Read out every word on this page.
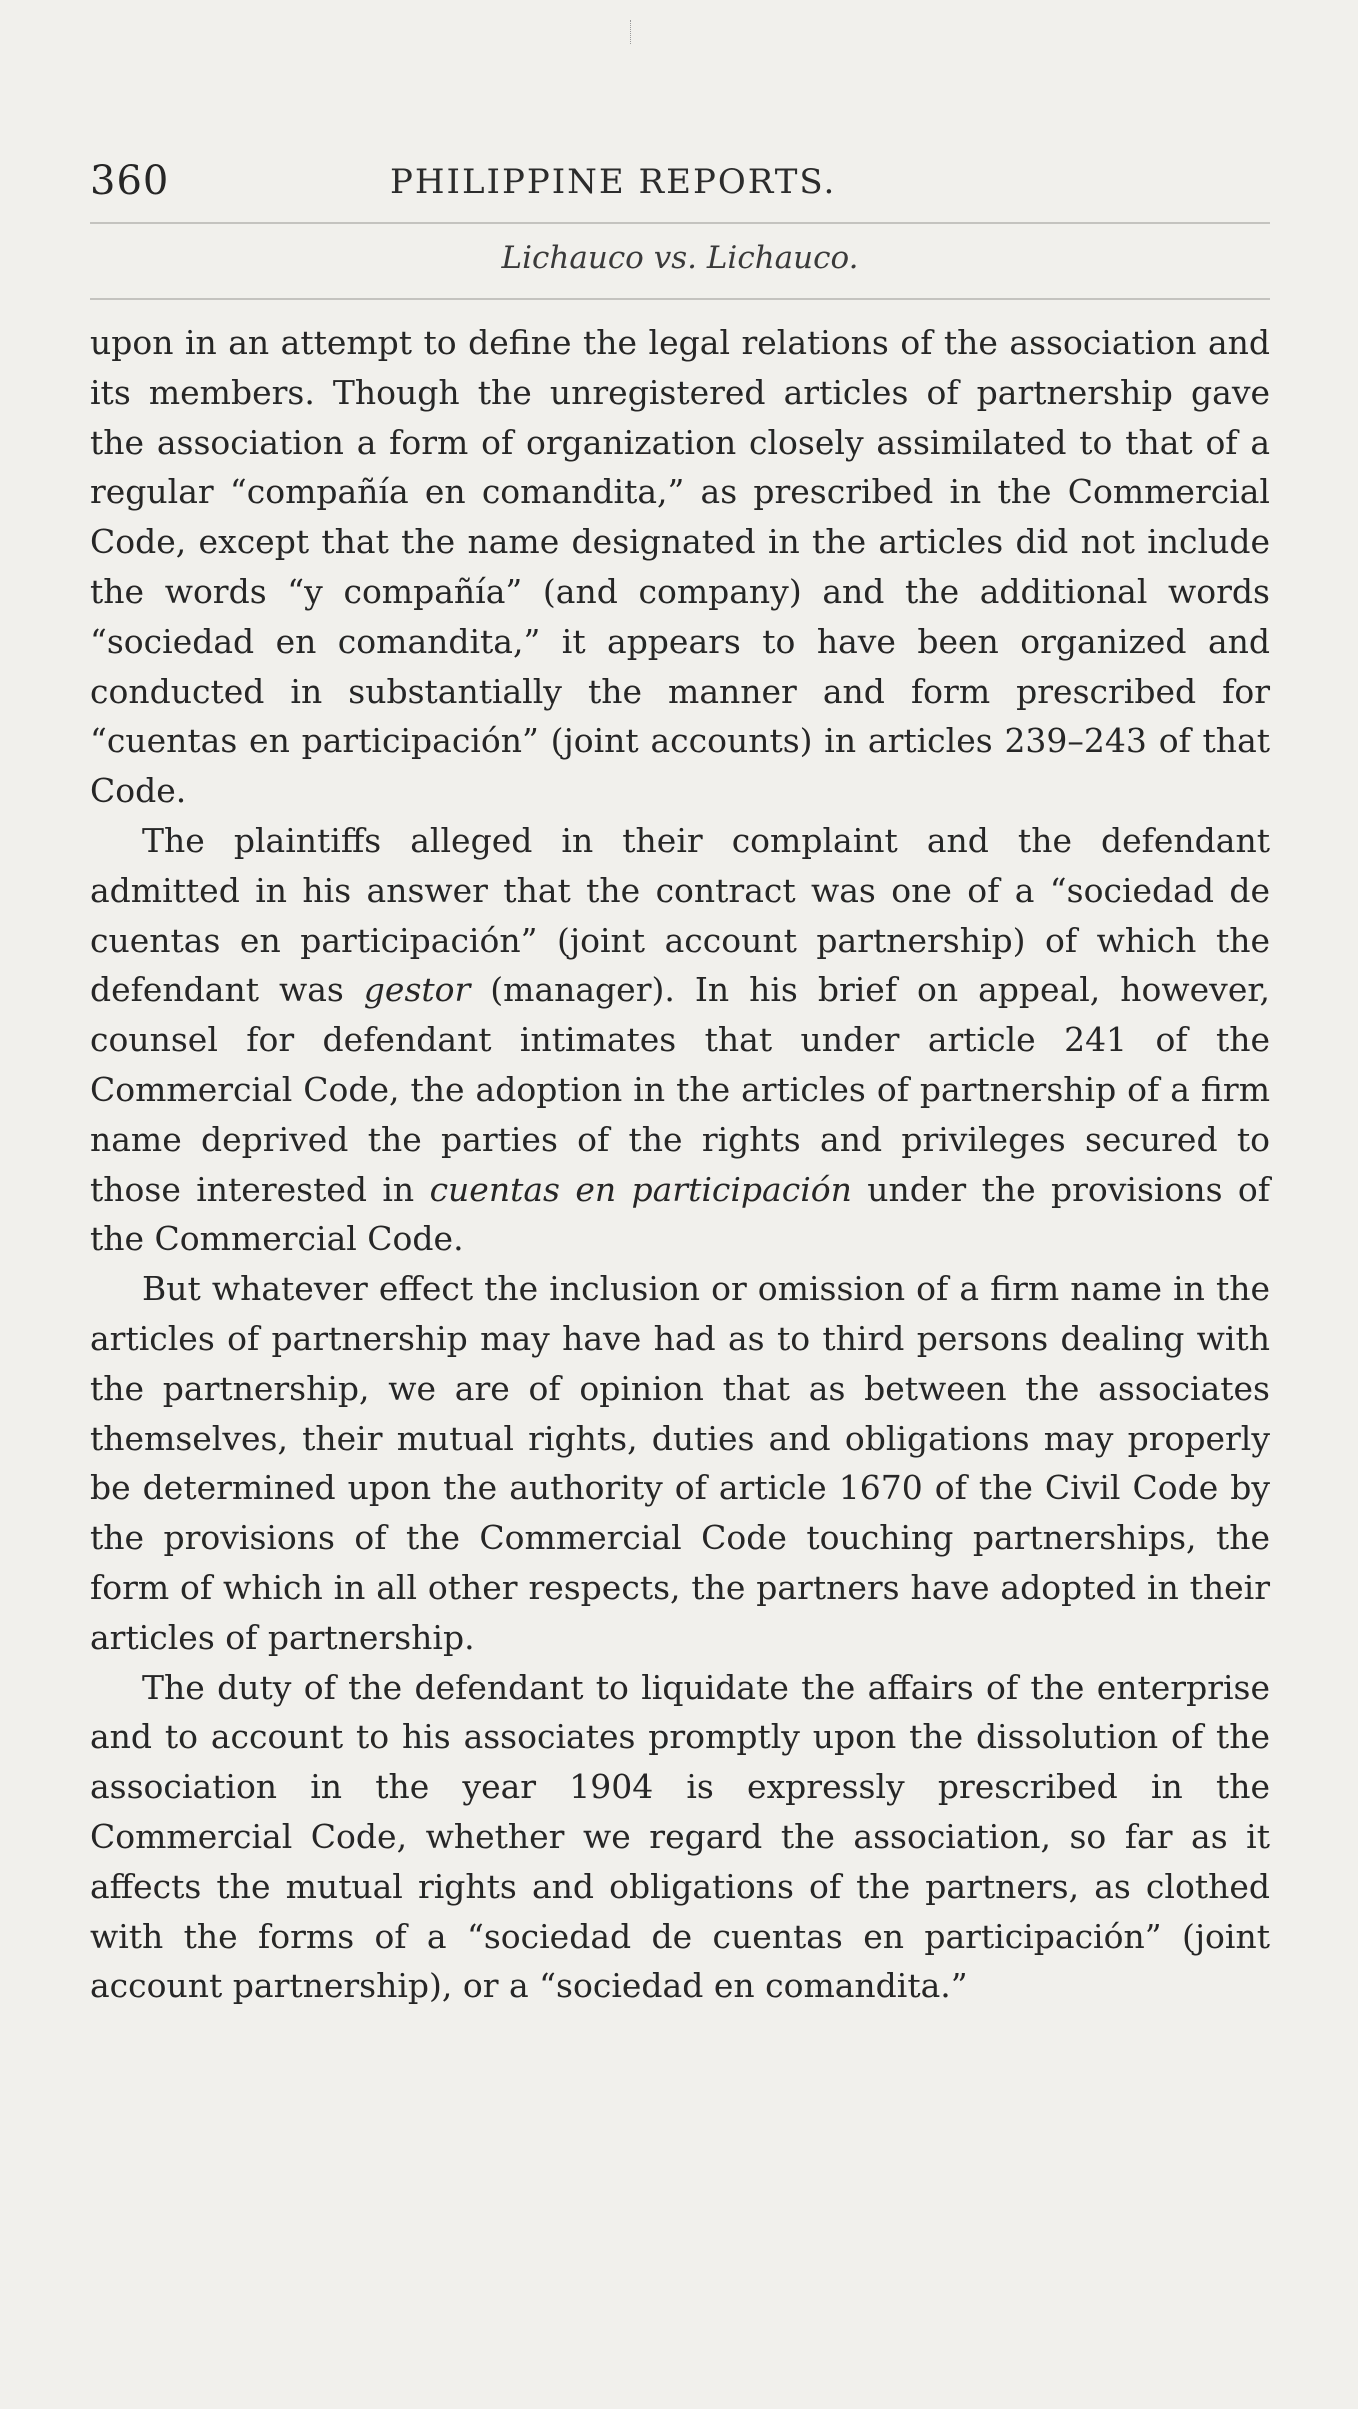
360	PHILIPPINE REPORTS.
Lichauco vs. Lichauco.

upon in an attempt to define the legal relations of the association and its members. Though the unregistered articles of partnership gave the association a form of organization closely assimilated to that of a regular “compañía en comandita,” as prescribed in the Commercial Code, except that the name designated in the articles did not include the words “y compañía” (and company) and the additional words “sociedad en comandita,” it appears to have been organized and conducted in substantially the manner and form prescribed for “cuentas en participación” (joint accounts) in articles 239–243 of that Code.

The plaintiffs alleged in their complaint and the defendant admitted in his answer that the contract was one of a “sociedad de cuentas en participación” (joint account partnership) of which the defendant was gestor (manager). In his brief on appeal, however, counsel for defendant intimates that under article 241 of the Commercial Code, the adoption in the articles of partnership of a firm name deprived the parties of the rights and privileges secured to those interested in cuentas en participación under the provisions of the Commercial Code.

But whatever effect the inclusion or omission of a firm name in the articles of partnership may have had as to third persons dealing with the partnership, we are of opinion that as between the associates themselves, their mutual rights, duties and obligations may properly be determined upon the authority of article 1670 of the Civil Code by the provisions of the Commercial Code touching partnerships, the form of which in all other respects, the partners have adopted in their articles of partnership.

The duty of the defendant to liquidate the affairs of the enterprise and to account to his associates promptly upon the dissolution of the association in the year 1904 is expressly prescribed in the Commercial Code, whether we regard the association, so far as it affects the mutual rights and obligations of the partners, as clothed with the forms of a “sociedad de cuentas en participación” (joint account partnership), or a “sociedad en comandita.”
